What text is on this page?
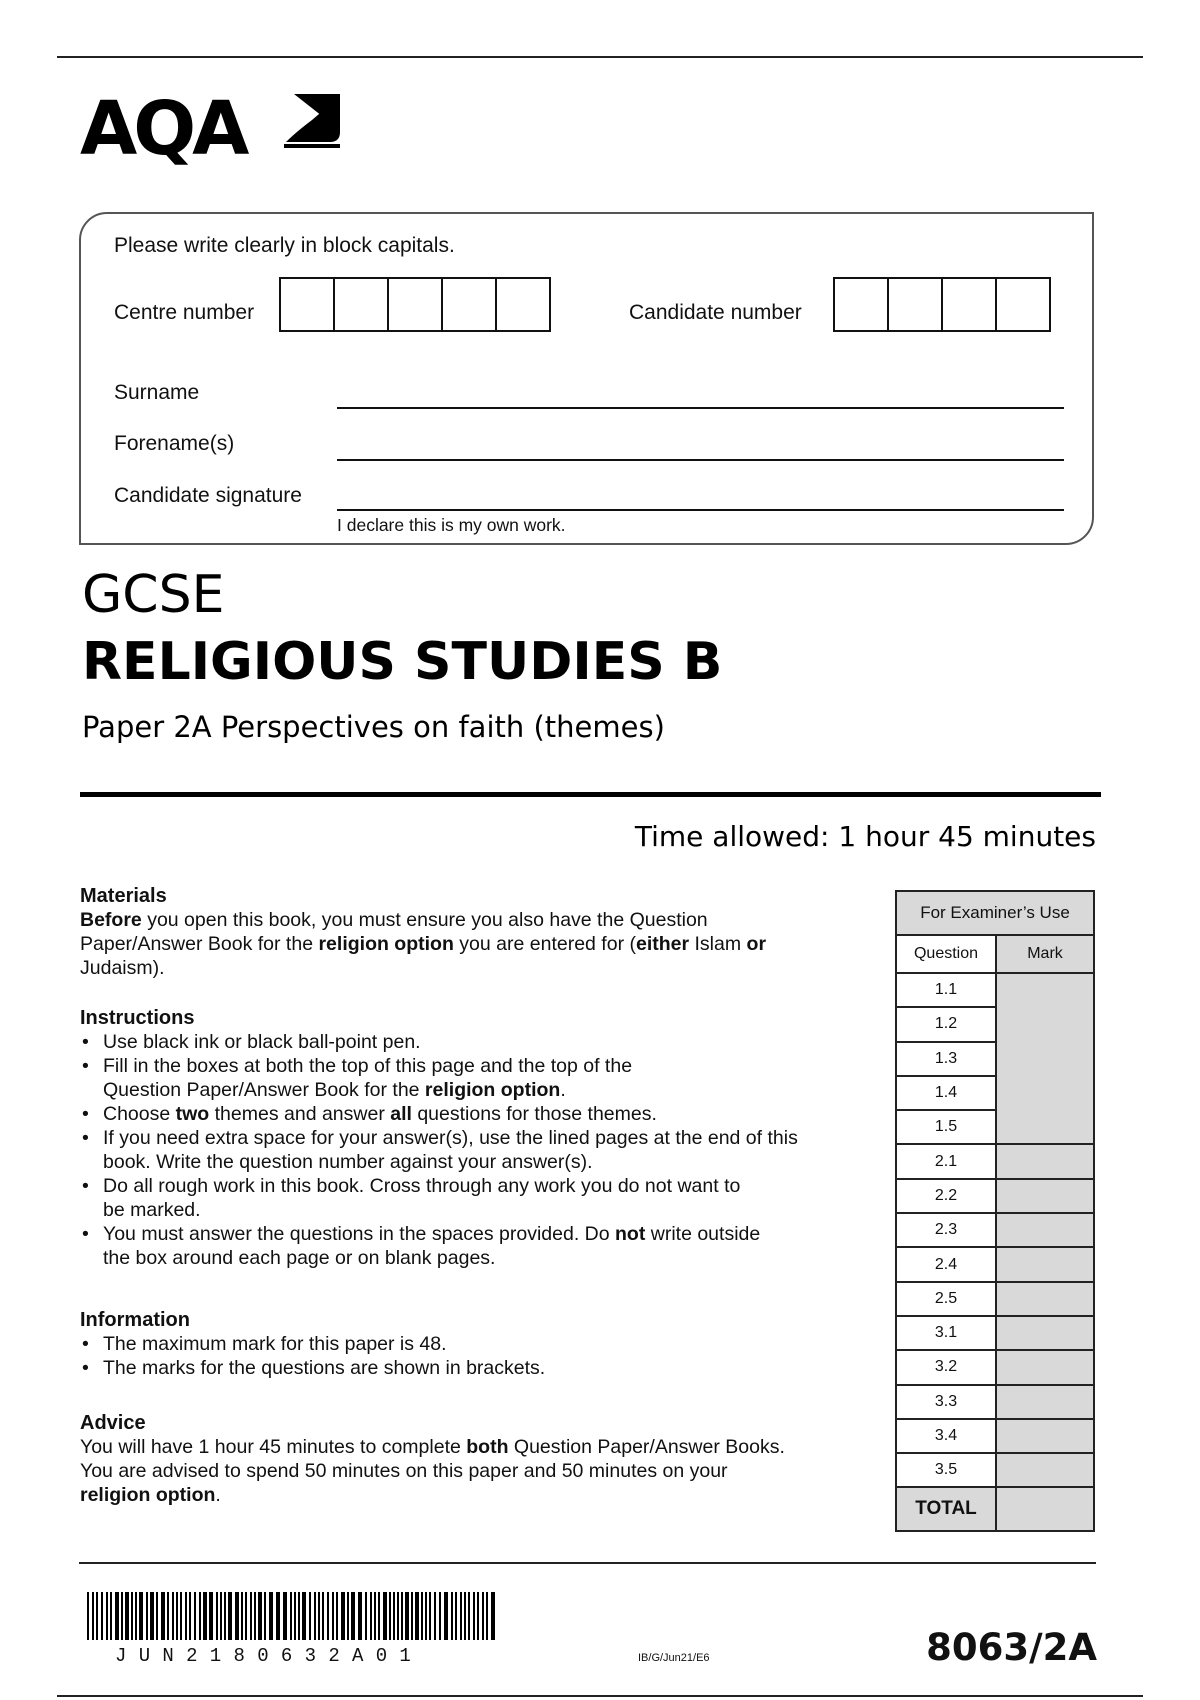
AQA
Please write clearly in block capitals.
Centre number	Candidate number
Surname
Forename(s)
Candidate signature
I declare this is my own work.
GCSE
RELIGIOUS STUDIES B
Paper 2A Perspectives on faith (themes)
Time allowed: 1 hour 45 minutes
Materials

Before you open this book, you must ensure you also have the Question Paper/Answer Book for the religion option you are entered for (either Islam or Judaism).

Instructions
• Use black ink or black ball-point pen.
• Fill in the boxes at both the top of this page and the top of the Question Paper/Answer Book for the religion option.
• Choose two themes and answer all questions for those themes.
• If you need extra space for your answer(s), use the lined pages at the end of this book. Write the question number against your answer(s).
• Do all rough work in this book. Cross through any work you do not want to be marked.
• You must answer the questions in the spaces provided. Do not write outside the box around each page or on blank pages.
Information
• The maximum mark for this paper is 48.
• The marks for the questions are shown in brackets.
Advice

You will have 1 hour 45 minutes to complete both Question Paper/Answer Books.
You are advised to spend 50 minutes on this paper and 50 minutes on your
religion option.

For Examiner’s Use
Question	Mark
1.1	
1.2	
1.3	
1.4	
1.5	
2.1	
2.2	
2.3	
2.4	
2.5	
3.1	
3.2	
3.3	
3.4	
3.5	
TOTAL	
JUN2180632A01	IB/G/Jun21/E6	8063/2A
